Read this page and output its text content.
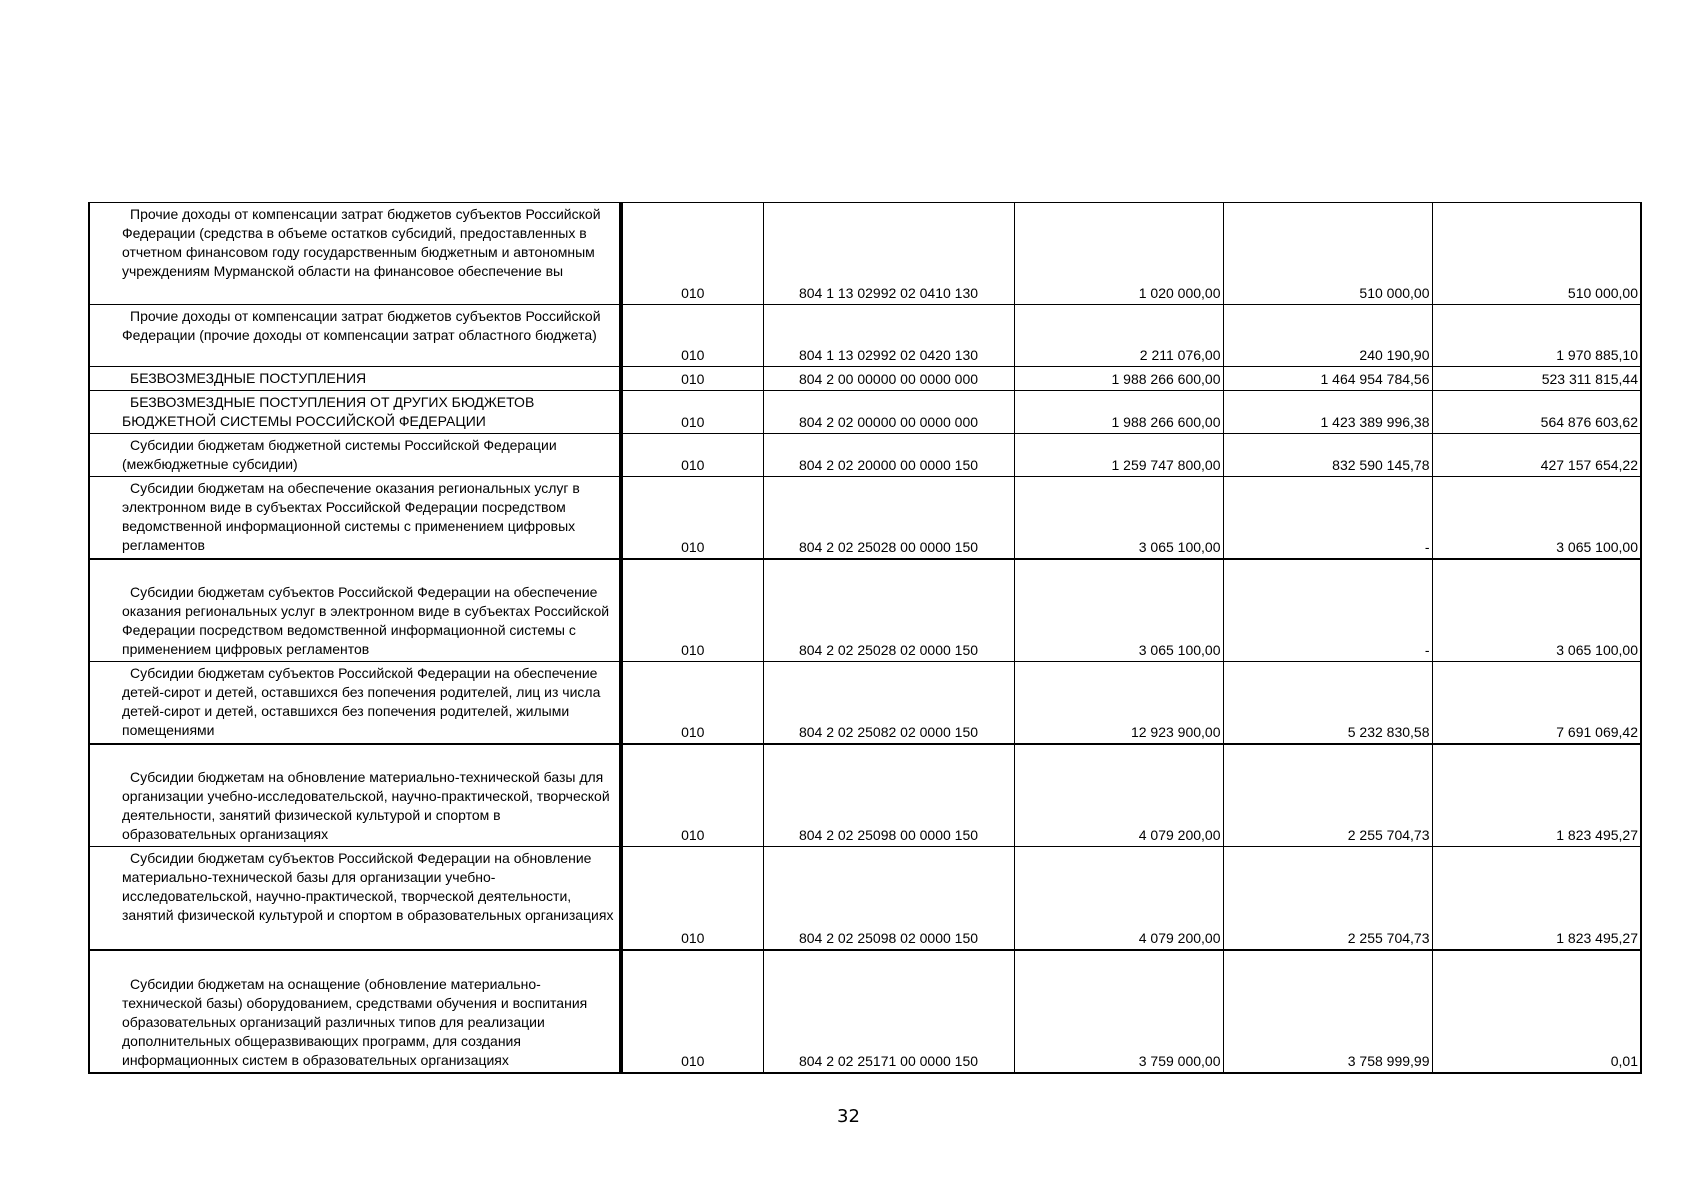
Прочие доходы от компенсации затрат бюджетов субъектов Российской Федерации (средства в объеме остатков субсидий, предоставленных в отчетном финансовом году государственным бюджетным и автономным учреждениям Мурманской области на финансовое обеспечение вы	010	804 1 13 02992 02 0410 130	1 020 000,00	510 000,00	510 000,00
Прочие доходы от компенсации затрат бюджетов субъектов Российской Федерации (прочие доходы от компенсации затрат областного бюджета)	010	804 1 13 02992 02 0420 130	2 211 076,00	240 190,90	1 970 885,10
БЕЗВОЗМЕЗДНЫЕ ПОСТУПЛЕНИЯ	010	804 2 00 00000 00 0000 000	1 988 266 600,00	1 464 954 784,56	523 311 815,44
БЕЗВОЗМЕЗДНЫЕ ПОСТУПЛЕНИЯ ОТ ДРУГИХ БЮДЖЕТОВ БЮДЖЕТНОЙ СИСТЕМЫ РОССИЙСКОЙ ФЕДЕРАЦИИ	010	804 2 02 00000 00 0000 000	1 988 266 600,00	1 423 389 996,38	564 876 603,62
Субсидии бюджетам бюджетной системы Российской Федерации (межбюджетные субсидии)	010	804 2 02 20000 00 0000 150	1 259 747 800,00	832 590 145,78	427 157 654,22
Субсидии бюджетам на обеспечение оказания региональных услуг в электронном виде в субъектах Российской Федерации посредством ведомственной информационной системы с применением цифровых регламентов	010	804 2 02 25028 00 0000 150	3 065 100,00	-	3 065 100,00
Субсидии бюджетам субъектов Российской Федерации на обеспечение оказания региональных услуг в электронном виде в субъектах Российской Федерации посредством ведомственной информационной системы с применением цифровых регламентов	010	804 2 02 25028 02 0000 150	3 065 100,00	-	3 065 100,00
Субсидии бюджетам субъектов Российской Федерации на обеспечение детей-сирот и детей, оставшихся без попечения родителей, лиц из числа детей-сирот и детей, оставшихся без попечения родителей, жилыми помещениями	010	804 2 02 25082 02 0000 150	12 923 900,00	5 232 830,58	7 691 069,42
Субсидии бюджетам на обновление материально-технической базы для организации учебно-исследовательской, научно-практической, творческой деятельности, занятий физической культурой и спортом в образовательных организациях	010	804 2 02 25098 00 0000 150	4 079 200,00	2 255 704,73	1 823 495,27
Субсидии бюджетам субъектов Российской Федерации на обновление материально-технической базы для организации учебно-исследовательской, научно-практической, творческой деятельности, занятий физической культурой и спортом в образовательных организациях	010	804 2 02 25098 02 0000 150	4 079 200,00	2 255 704,73	1 823 495,27
Субсидии бюджетам на оснащение (обновление материально-технической базы) оборудованием, средствами обучения и воспитания образовательных организаций различных типов для реализации дополнительных общеразвивающих программ, для создания информационных систем в образовательных организациях	010	804 2 02 25171 00 0000 150	3 759 000,00	3 758 999,99	0,01
32
